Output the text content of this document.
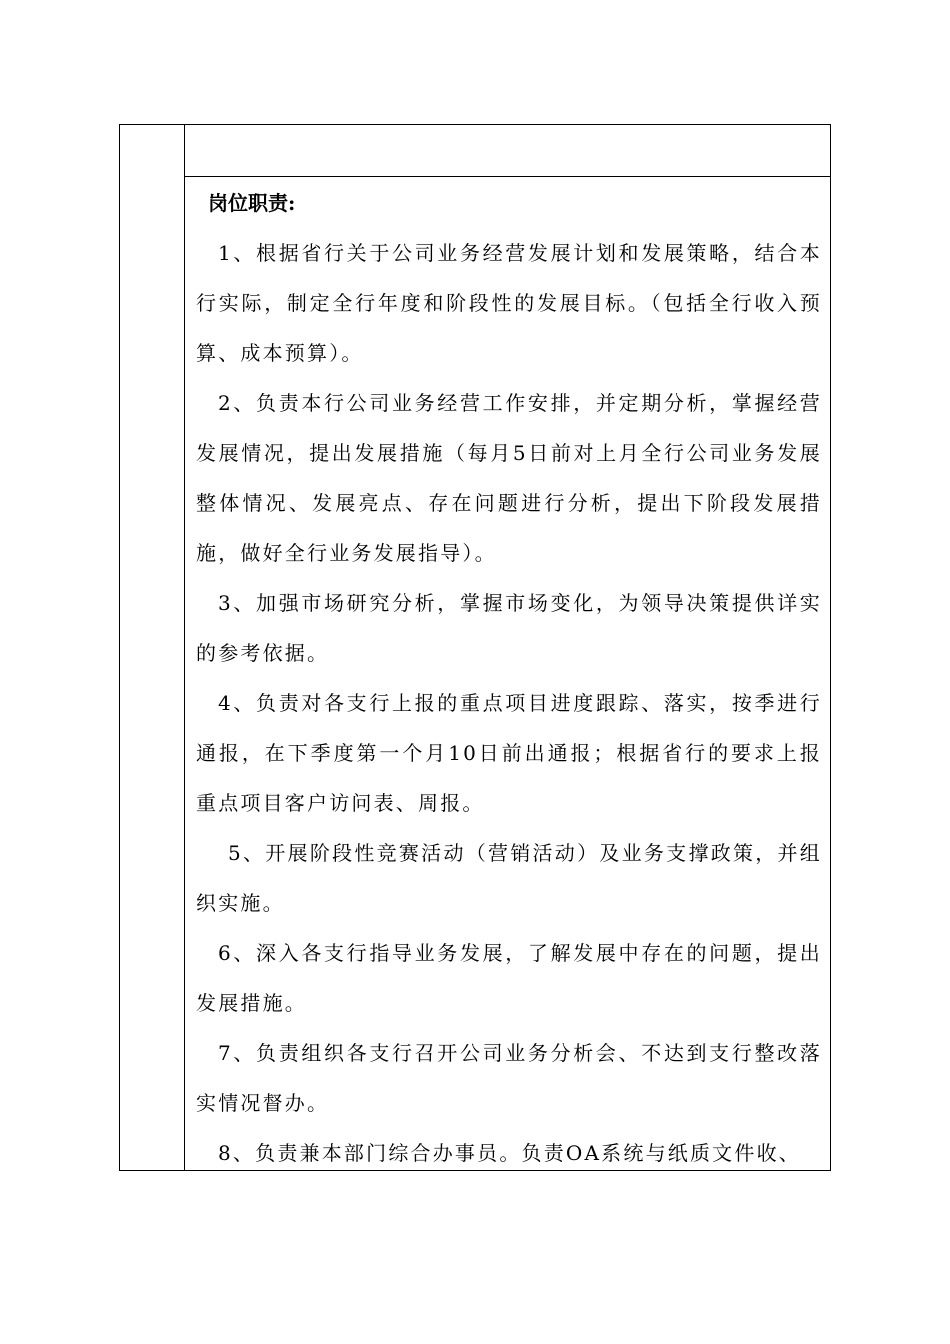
岗位职责:

1、根据省行关于公司业务经营发展计划和发展策略，结合本行实际，制定全行年度和阶段性的发展目标。（包括全行收入预算、成本预算）。

2、负责本行公司业务经营工作安排，并定期分析，掌握经营发展情况，提出发展措施（每月5日前对上月全行公司业务发展整体情况、发展亮点、存在问题进行分析，提出下阶段发展措施，做好全行业务发展指导）。

3、加强市场研究分析，掌握市场变化，为领导决策提供详实的参考依据。

4、负责对各支行上报的重点项目进度跟踪、落实，按季进行通报，在下季度第一个月10日前出通报；根据省行的要求上报重点项目客户访问表、周报。

5、开展阶段性竞赛活动（营销活动）及业务支撑政策，并组织实施。

6、深入各支行指导业务发展，了解发展中存在的问题，提出发展措施。

7、负责组织各支行召开公司业务分析会、不达到支行整改落实情况督办。

8、负责兼本部门综合办事员。负责OA系统与纸质文件收、
